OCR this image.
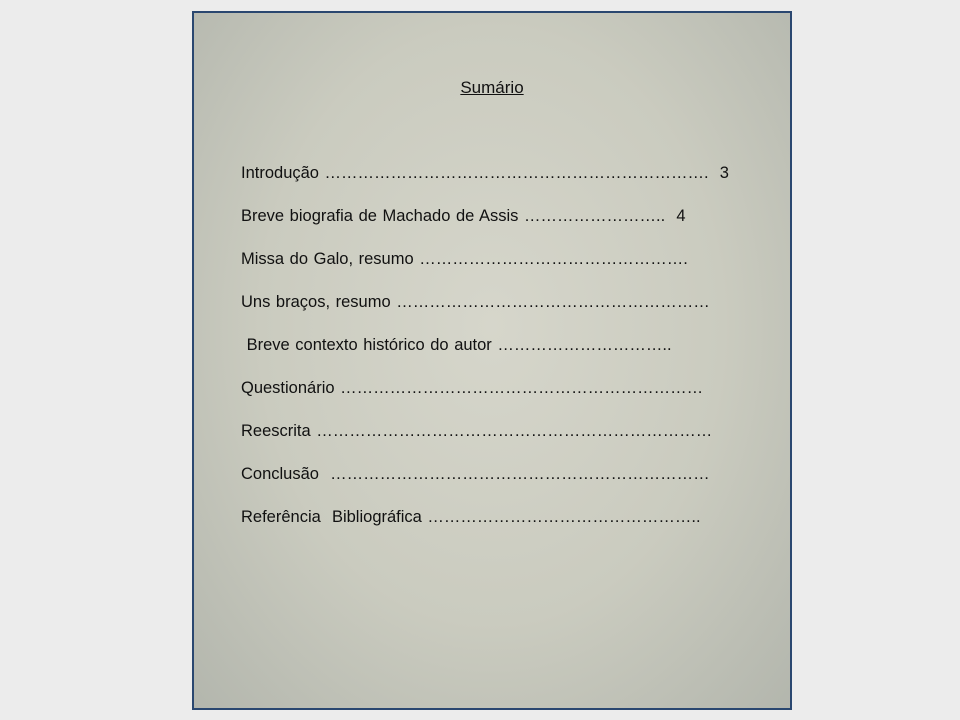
Sumário
Introdução …………………………………………………………….  3
Breve biografia de Machado de Assis ……………………..  4
Missa do Galo, resumo ………………………………………….
Uns braços, resumo …………………………………………………
Breve contexto histórico do autor …………………………..
Questionário …………………………………………………………
Reescrita ………………………………………………………………
Conclusão  ……………………………………………………………
Referência  Bibliográfica …………………………………………..
